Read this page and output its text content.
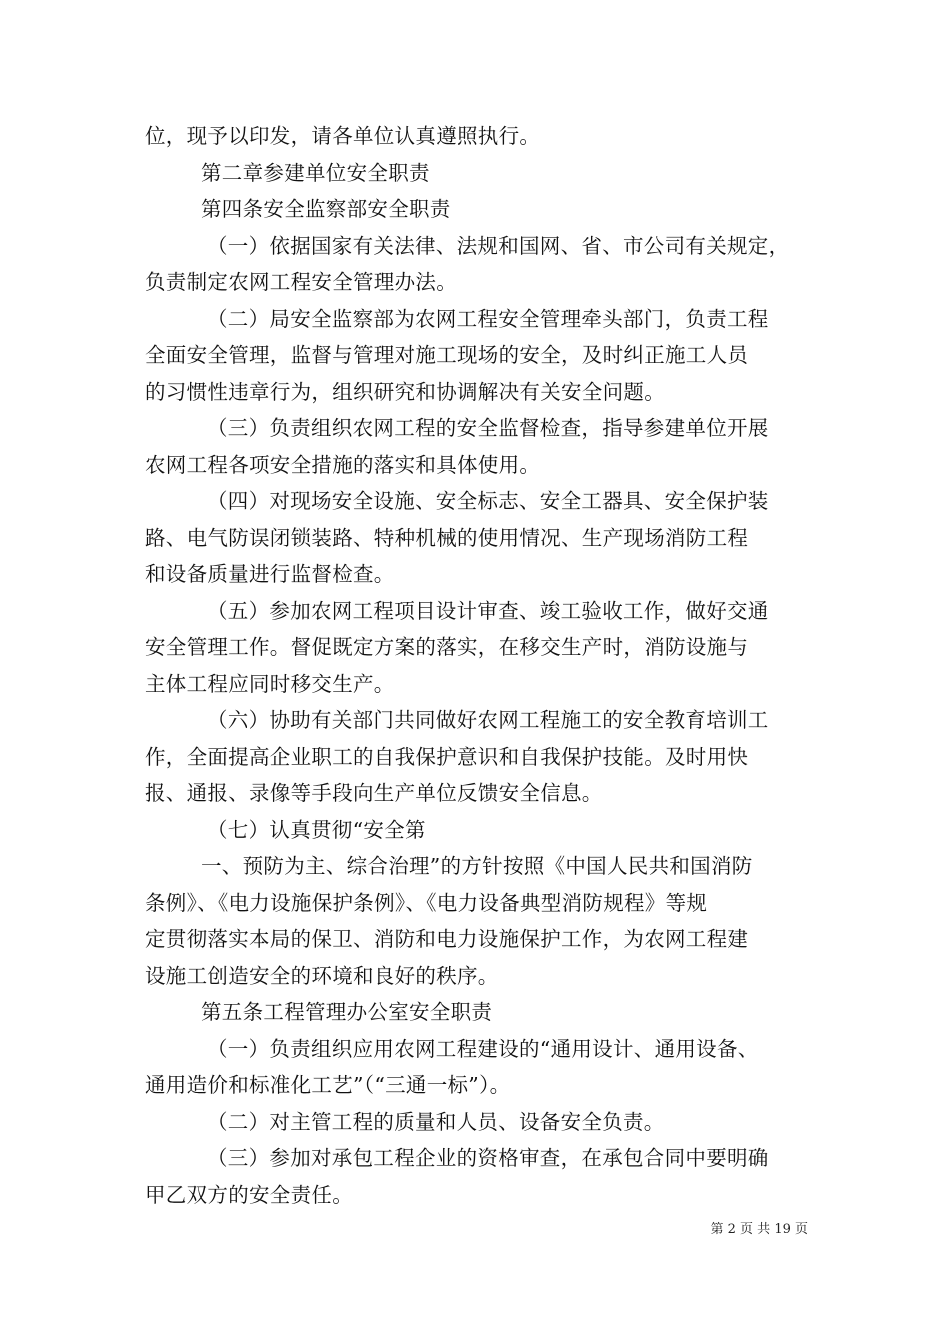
位，现予以印发，请各单位认真遵照执行。
第二章参建单位安全职责
第四条安全监察部安全职责
（一）依据国家有关法律、法规和国网、省、市公司有关规定，
负责制定农网工程安全管理办法。
（二）局安全监察部为农网工程安全管理牵头部门，负责工程
全面安全管理，监督与管理对施工现场的安全，及时纠正施工人员
的习惯性违章行为，组织研究和协调解决有关安全问题。
（三）负责组织农网工程的安全监督检查，指导参建单位开展
农网工程各项安全措施的落实和具体使用。
（四）对现场安全设施、安全标志、安全工器具、安全保护装
路、电气防误闭锁装路、特种机械的使用情况、生产现场消防工程
和设备质量进行监督检查。
（五）参加农网工程项目设计审查、竣工验收工作，做好交通
安全管理工作。督促既定方案的落实，在移交生产时，消防设施与
主体工程应同时移交生产。
（六）协助有关部门共同做好农网工程施工的安全教育培训工
作，全面提高企业职工的自我保护意识和自我保护技能。及时用快
报、通报、录像等手段向生产单位反馈安全信息。
（七）认真贯彻“安全第
一、预防为主、综合治理”的方针按照《中国人民共和国消防
条例》、《电力设施保护条例》、《电力设备典型消防规程》等规
定贯彻落实本局的保卫、消防和电力设施保护工作，为农网工程建
设施工创造安全的环境和良好的秩序。
第五条工程管理办公室安全职责
（一）负责组织应用农网工程建设的“通用设计、通用设备、
通用造价和标准化工艺”（“三通一标”）。
（二）对主管工程的质量和人员、设备安全负责。
（三）参加对承包工程企业的资格审查，在承包合同中要明确
甲乙双方的安全责任。
第 2 页 共 19 页
